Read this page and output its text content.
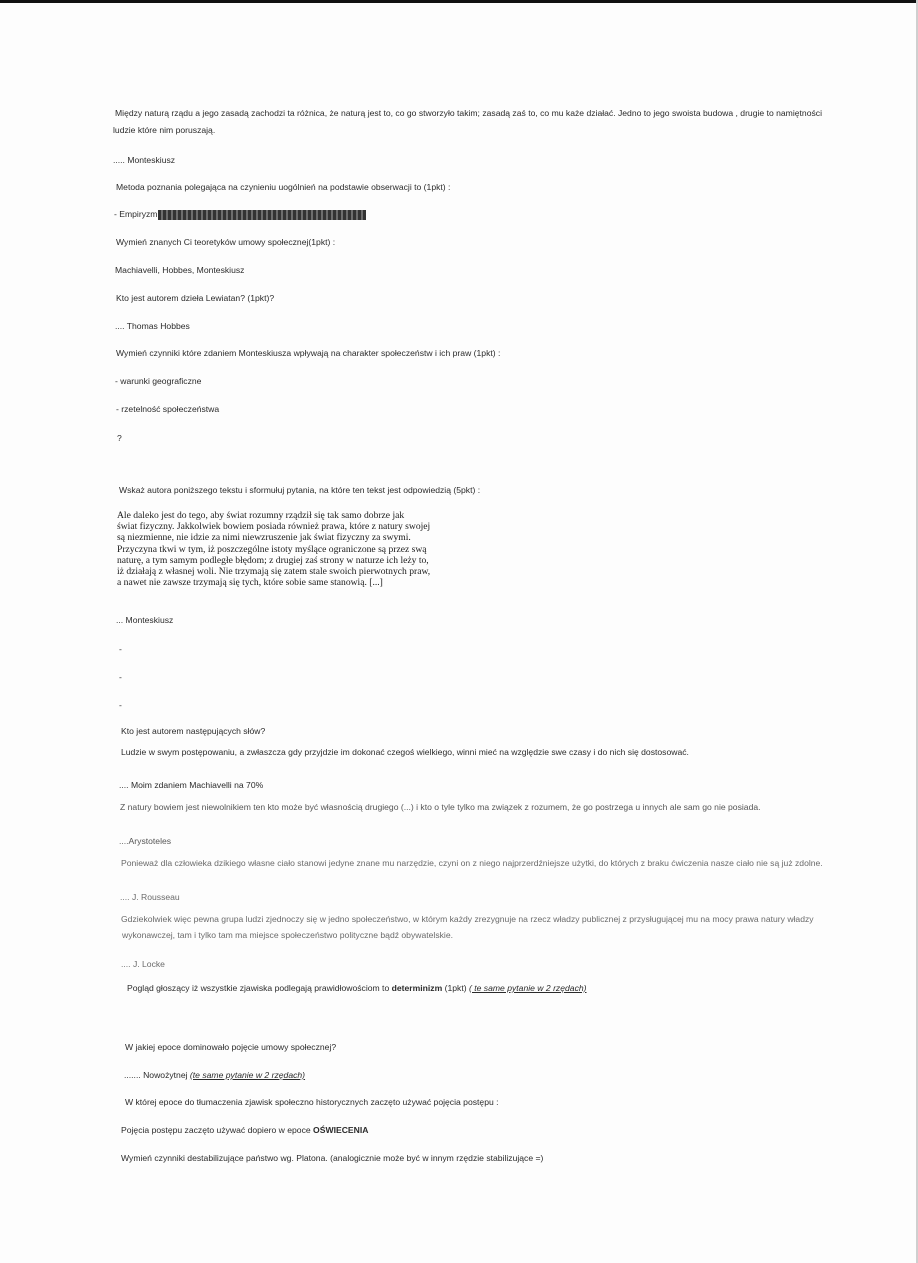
Między naturą rządu a jego zasadą zachodzi ta różnica, że naturą jest to, co go stworzyło takim; zasadą zaś to, co mu każe działać. Jedno to jego swoista budowa , drugie to namiętności
ludzie które nim poruszają.
..... Monteskiusz
Metoda poznania polegająca na czynieniu uogólnień na podstawie obserwacji to (1pkt) :
- Empiryzm
Wymień znanych Ci teoretyków umowy społecznej(1pkt) :
Machiavelli, Hobbes, Monteskiusz
Kto jest autorem dzieła Lewiatan? (1pkt)?
.... Thomas Hobbes
Wymień czynniki które zdaniem Monteskiusza wpływają na charakter społeczeństw i ich praw (1pkt) :
- warunki geograficzne
- rzetelność społeczeństwa
?
Wskaż autora poniższego tekstu i sformułuj pytania, na które ten tekst jest odpowiedzią (5pkt) :
Ale daleko jest do tego, aby świat rozumny rządził się tak samo dobrze jak
świat fizyczny. Jakkolwiek bowiem posiada również prawa, które z natury swojej
są niezmienne, nie idzie za nimi niewzruszenie jak świat fizyczny za swymi.
Przyczyna tkwi w tym, iż poszczególne istoty myślące ograniczone są przez swą
naturę, a tym samym podległe błędom; z drugiej zaś strony w naturze ich leży to,
iż działają z własnej woli. Nie trzymają się zatem stale swoich pierwotnych praw,
a nawet nie zawsze trzymają się tych, które sobie same stanowią. [...]
... Monteskiusz
-
-
-
Kto jest autorem następujących słów?
Ludzie w swym postępowaniu, a zwłaszcza gdy przyjdzie im dokonać czegoś wielkiego, winni mieć na względzie swe czasy i do nich się dostosować.
.... Moim zdaniem Machiavelli na 70%
Z natury bowiem jest niewolnikiem ten kto może być własnością drugiego (...) i kto o tyle tylko ma związek z rozumem, że go postrzega u innych ale sam go nie posiada.
....Arystoteles
Ponieważ dla człowieka dzikiego własne ciało stanowi jedyne znane mu narzędzie, czyni on z niego najprzerdźniejsze użytki, do których z braku ćwiczenia nasze ciało nie są już zdolne.
.... J. Rousseau
Gdziekolwiek więc pewna grupa ludzi zjednoczy się w jedno społeczeństwo, w którym każdy zrezygnuje na rzecz władzy publicznej z przysługującej mu na mocy prawa natury władzy
wykonawczej, tam i tylko tam ma miejsce społeczeństwo polityczne bądź obywatelskie.
.... J. Locke
Pogląd głoszący iż wszystkie zjawiska podlegają prawidłowościom to determinizm (1pkt) ( te same pytanie w 2 rzędach)
W jakiej epoce dominowało pojęcie umowy społecznej?
....... Nowożytnej (te same pytanie w 2 rzędach)
W której epoce do tłumaczenia zjawisk społeczno historycznych zaczęto używać pojęcia postępu :
Pojęcia postępu zaczęto używać dopiero w epoce OŚWIECENIA
Wymień czynniki destabilizujące państwo wg. Platona. (analogicznie może być w innym rzędzie stabilizujące =)
